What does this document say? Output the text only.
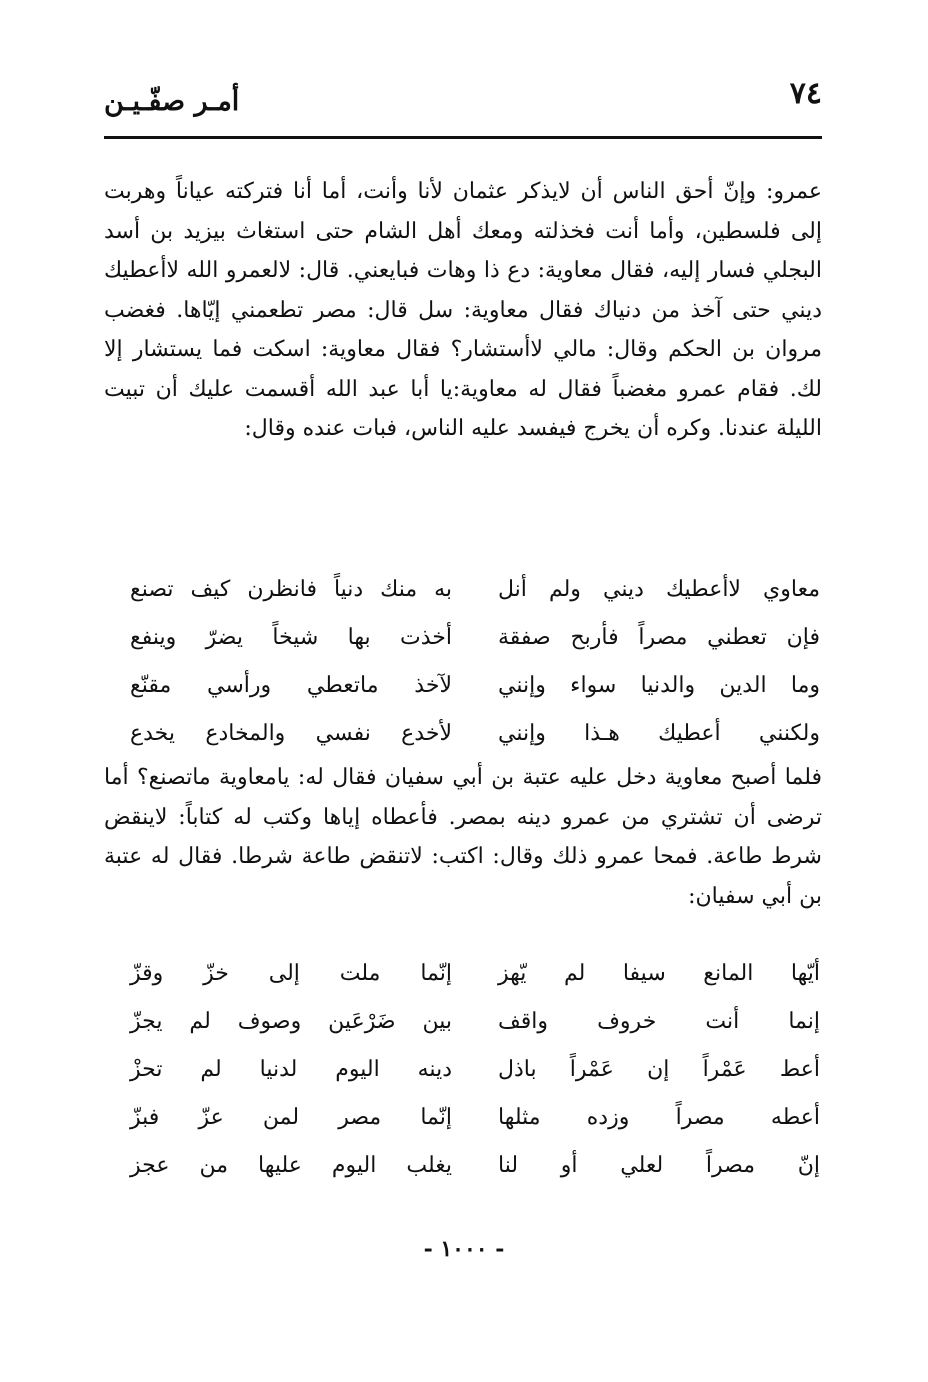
٧٤
أمـر صفّـيـن

عمرو: وإنّ أحق الناس أن لايذكر عثمان لأنا وأنت، أما أنا فتركته عياناً وهربت إلى فلسطين، وأما أنت فخذلته ومعك أهل الشام حتى استغاث بيزيد بن أسد البجلي فسار إليه، فقال معاوية: دع ذا وهات فبايعني. قال: لالعمرو الله لاأعطيك ديني حتى آخذ من دنياك فقال معاوية: سل قال: مصر تطعمني إيّاها. فغضب مروان بن الحكم وقال: مالي لاأستشار؟ فقال معاوية: اسكت فما يستشار إلا لك. فقام عمرو مغضباً فقال له معاوية:يا أبا عبد الله أقسمت عليك أن تبيت الليلة عندنا. وكره أن يخرج فيفسد عليه الناس، فبات عنده وقال:

معاوي لاأعطيك ديني ولم أنل
به منك دنياً فانظرن كيف تصنع
فإن تعطني مصراً فأربح صفقة
أخذت بها شيخاً يضرّ وينفع
وما الدين والدنيا سواء وإنني
لآخذ ماتعطي ورأسي مقنّع
ولكنني أعطيك هـذا وإنني
لأخدع نفسي والمخادع يخدع

فلما أصبح معاوية دخل عليه عتبة بن أبي سفيان فقال له: يامعاوية ماتصنع؟ أما ترضى أن تشتري من عمرو دينه بمصر. فأعطاه إياها وكتب له كتاباً: لاينقض شرط طاعة. فمحا عمرو ذلك وقال: اكتب: لاتنقض طاعة شرطا. فقال له عتبة بن أبي سفيان:

أيّها المانع سيفا لم يّهز
إنّما ملت إلى خزّ وقزّ
إنما أنت خروف واقف
بين ضَرْعَين وصوف لم يجزّ
أعط عَمْراً إن عَمْراً باذل
دينه اليوم لدنيا لم تحزْ
أعطه مصراً وزده مثلها
إنّما مصر لمن عزّ فبزّ
إنّ مصراً لعلي أو لنا
يغلب اليوم عليها من عجز
- ١٠٠٠ -
